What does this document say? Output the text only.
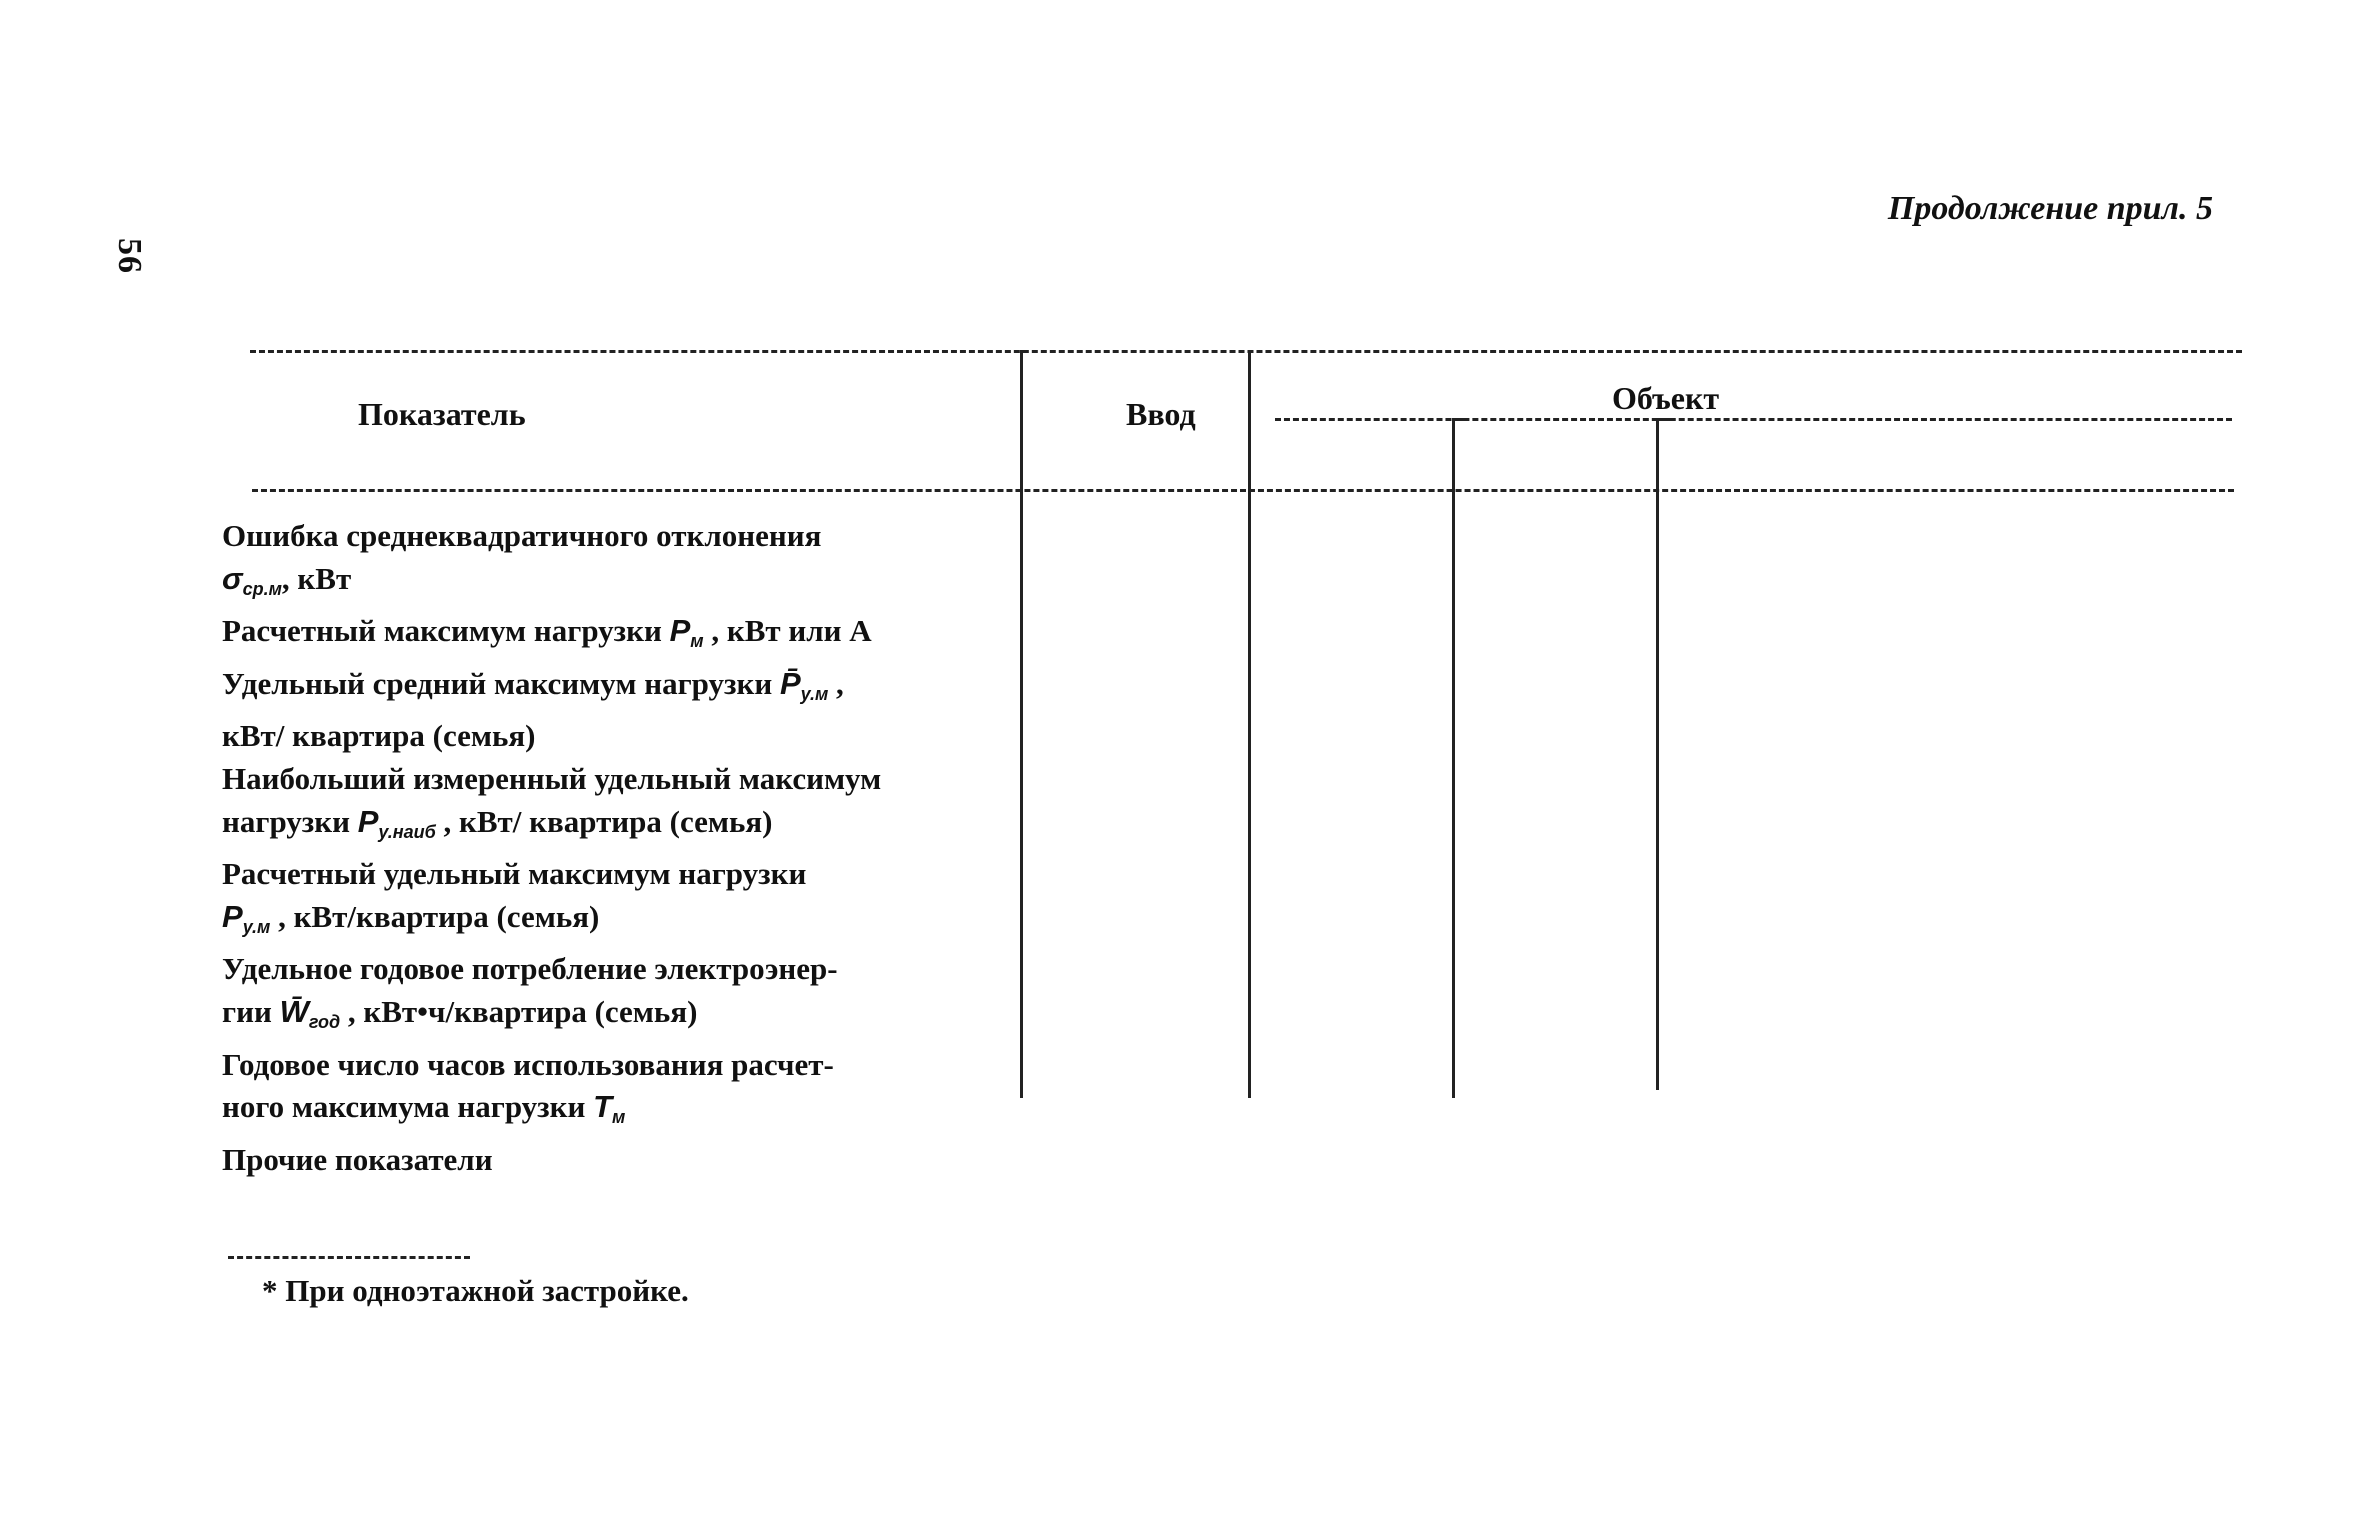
56
Продолжение прил. 5
Показатель	Ввод	Объект
Ошибка среднеквадратичного отклонения
$\sigma_{ср.м}$, кВт
Расчетный максимум нагрузки $P_м$ , кВт или А
Удельный средний максимум нагрузки $P̄_{у.м}$ ,
кВт/ квартира (семья)
Наибольший измеренный удельный максимум
нагрузки $P_{у.наиб}$ , кВт/ квартира (семья)
Расчетный удельный максимум нагрузки
$P_{у.м}$ , кВт/квартира (семья)
Удельное годовое потребление электроэнер-
гии $W̄_{год}$ , кВт•ч/квартира (семья)
Годовое число часов использования расчет-
ного максимума нагрузки $T_м$
Прочие показатели
* При одноэтажной застройке.
